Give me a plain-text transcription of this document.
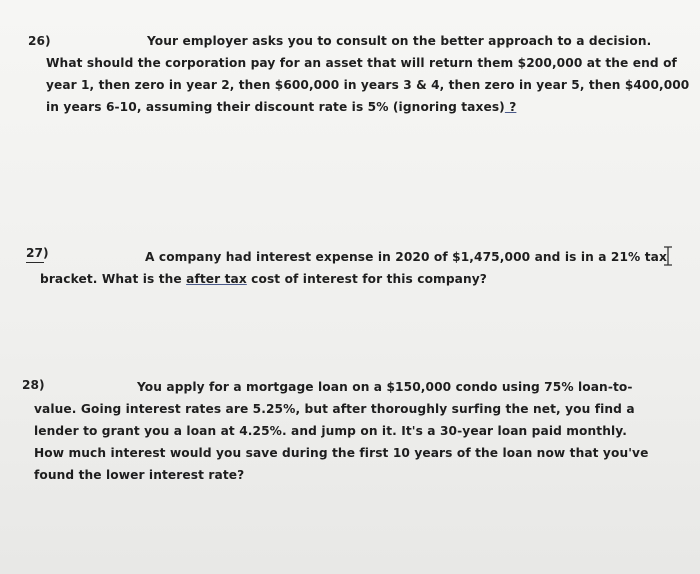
26)	Your employer asks you to consult on the better approach to a decision.
What should the corporation pay for an asset that will return them $200,000 at the end of
year 1, then zero in year 2, then $600,000 in years 3 & 4, then zero in year 5, then $400,000
in years 6-10, assuming their discount rate is 5% (ignoring taxes) ?
27)	A company had interest expense in 2020 of $1,475,000 and is in a 21% tax
bracket. What is the after tax cost of interest for this company?
28)	You apply for a mortgage loan on a $150,000 condo using 75% loan-to-
value. Going interest rates are 5.25%, but after thoroughly surfing the net, you find a
lender to grant you a loan at 4.25%. and jump on it. It's a 30-year loan paid monthly.
How much interest would you save during the first 10 years of the loan now that you've
found the lower interest rate?
